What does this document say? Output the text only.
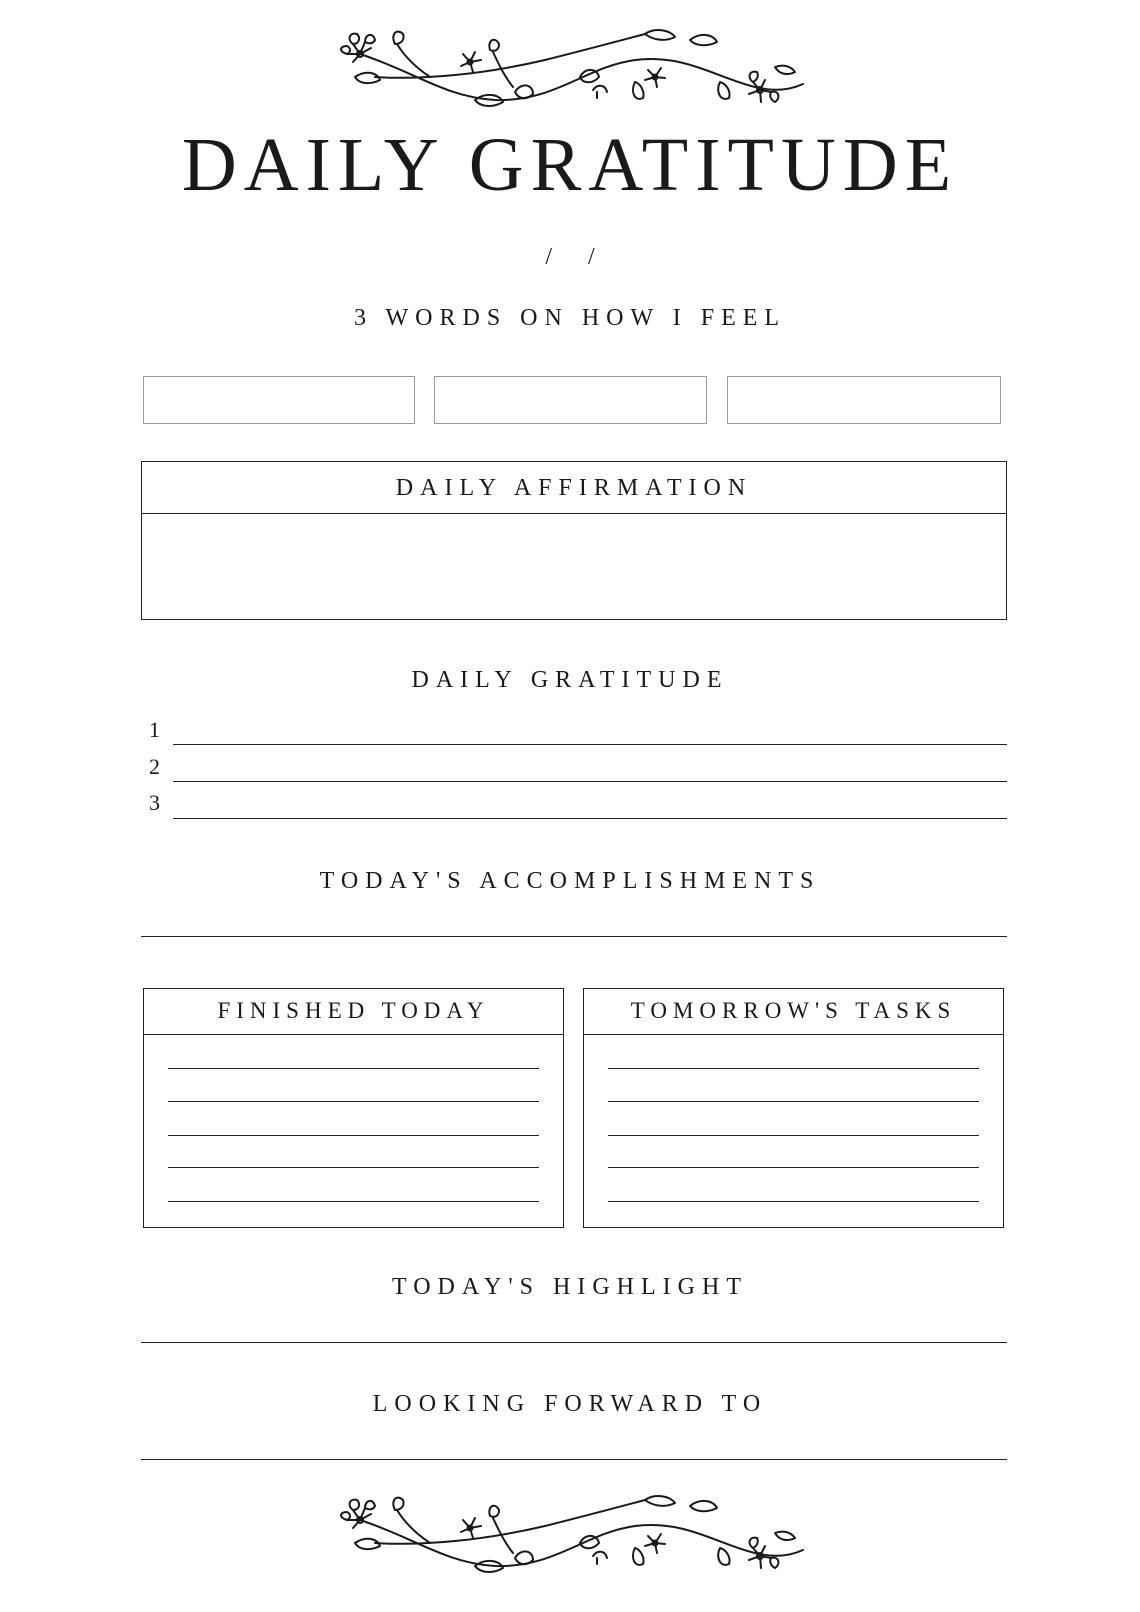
DAILY GRATITUDE
/ /
3 WORDS ON HOW I FEEL
DAILY AFFIRMATION
DAILY GRATITUDE
1
2
3
TODAY'S ACCOMPLISHMENTS
FINISHED TODAY	TOMORROW'S TASKS
TODAY'S HIGHLIGHT
LOOKING FORWARD TO
